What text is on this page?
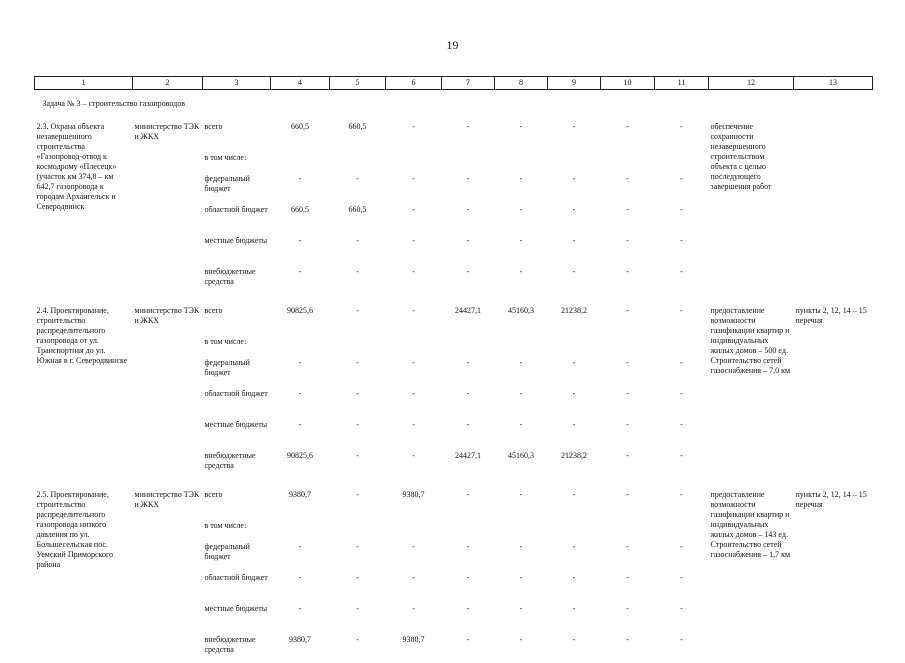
19
1	2	3	4	5	6	7	8	9	10	11	12	13
Задача № 3 – строительство газопроводов												
2.3. Охрана объекта незавершенного строительства «Газопровод-отвод к космодрому «Плесецк» (участок км 374,8 – км 642,7 газопровода к городам Архангельск и Северодвинск	министерство ТЭК и ЖКХ	всего	660,5	660,5	-	-	-	-	-	-	обеспечение сохранности незавершенного строительством объекта с целью последующего завершения работ	
		в том числе:										
		федеральный бюджет	-	-	-	-	-	-	-	-		
		областной бюджет	660,5	660,5	-	-	-	-	-	-		
		местные бюджеты	-	-	-	-	-	-	-	-		
		внебюджетные средства	-	-	-	-	-	-	-	-		

2.4. Проектирование, строительство распределительного газопровода от ул. Транспортная до ул. Южная в г. Северодвинске	министерство ТЭК и ЖКХ	всего	90825,6	-	-	24427,1	45160,3	21238,2	-	-	предоставление возможности газификации квартир и индивидуальных жилых домов – 500 ед. Строительство сетей газоснабжения – 7,0 км	пункты 2, 12, 14 – 15 перечня
		в том числе:										
		федеральный бюджет	-	-	-	-	-	-	-	-		
		областной бюджет	-	-	-	-	-	-	-	-		
		местные бюджеты	-	-	-	-	-	-	-	-		
		внебюджетные средства	90825,6	-	-	24427,1	45160,3	21238,2	-	-		

2.5. Проектирование, строительство распределительного газопровода низкого давления по ул. Большесельская пос. Уемский Приморского района	министерство ТЭК и ЖКХ	всего	9380,7	-	9380,7	-	-	-	-	-	предоставление возможности газификации квартир и индивидуальных жилых домов – 143 ед. Строительство сетей газоснабжения – 1,7 км	пункты 2, 12, 14 – 15 перечня
		в том числе:										
		федеральный бюджет	-	-	-	-	-	-	-	-		
		областной бюджет	-	-	-	-	-	-	-	-		
		местные бюджеты	-	-	-	-	-	-	-	-		
		внебюджетные средства	9380,7	-	9380,7	-	-	-	-	-		
